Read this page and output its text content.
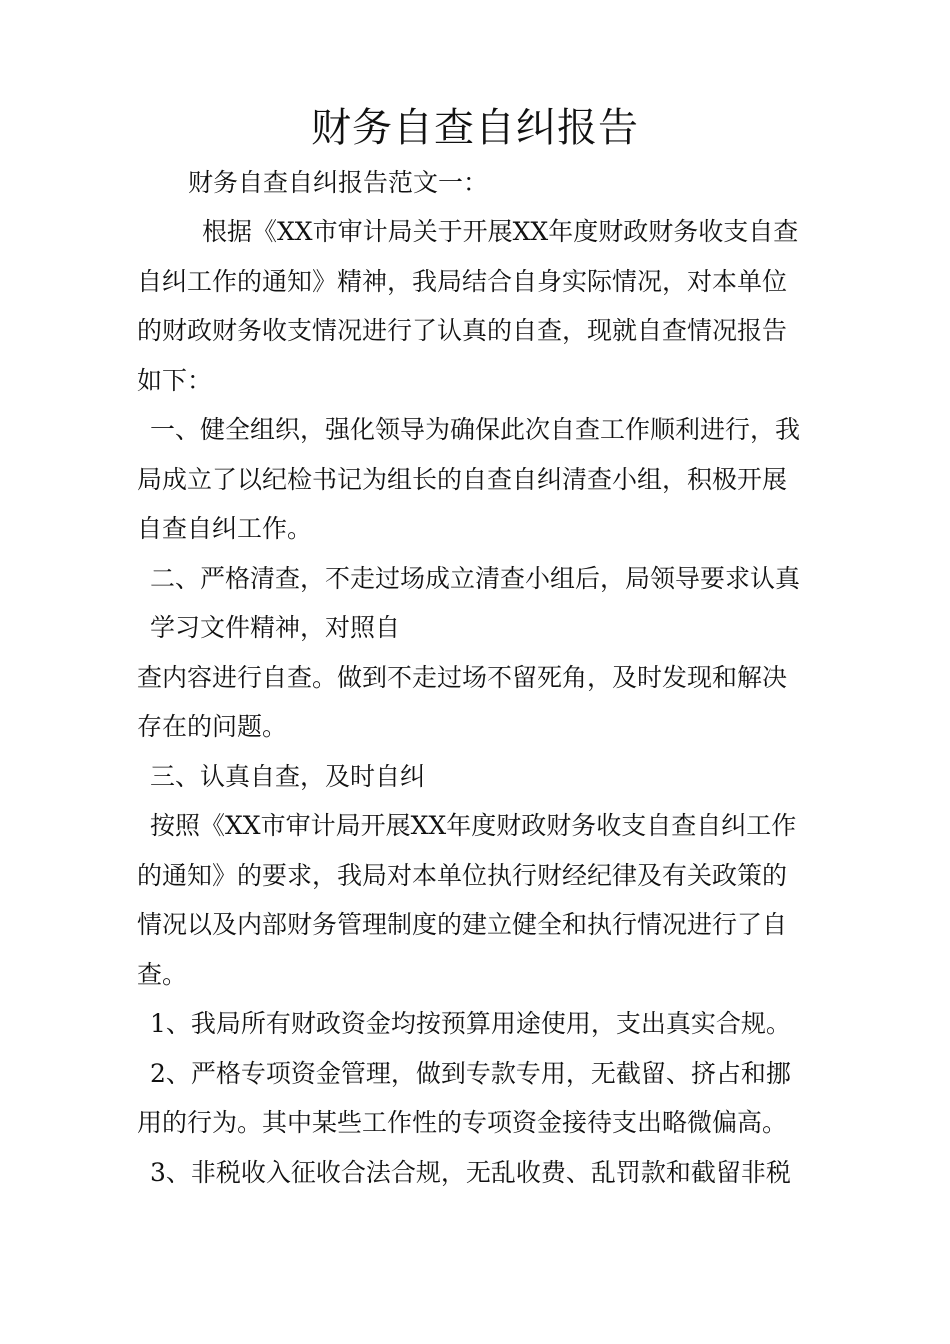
财务自查自纠报告
财务自查自纠报告范文一：
根据《XX市审计局关于开展XX年度财政财务收支自查
自纠工作的通知》精神，我局结合自身实际情况，对本单位
的财政财务收支情况进行了认真的自查，现就自查情况报告
如下：
一、健全组织，强化领导为确保此次自查工作顺利进行，我
局成立了以纪检书记为组长的自查自纠清查小组，积极开展
自查自纠工作。
二、严格清查，不走过场成立清查小组后，局领导要求认真
学习文件精神，对照自
查内容进行自查。做到不走过场不留死角，及时发现和解决
存在的问题。
三、认真自查，及时自纠
按照《XX市审计局开展XX年度财政财务收支自查自纠工作
的通知》的要求，我局对本单位执行财经纪律及有关政策的
情况以及内部财务管理制度的建立健全和执行情况进行了自
查。
1、我局所有财政资金均按预算用途使用，支出真实合规。
2、严格专项资金管理，做到专款专用，无截留、挤占和挪
用的行为。其中某些工作性的专项资金接待支出略微偏高。
3、非税收入征收合法合规，无乱收费、乱罚款和截留非税
